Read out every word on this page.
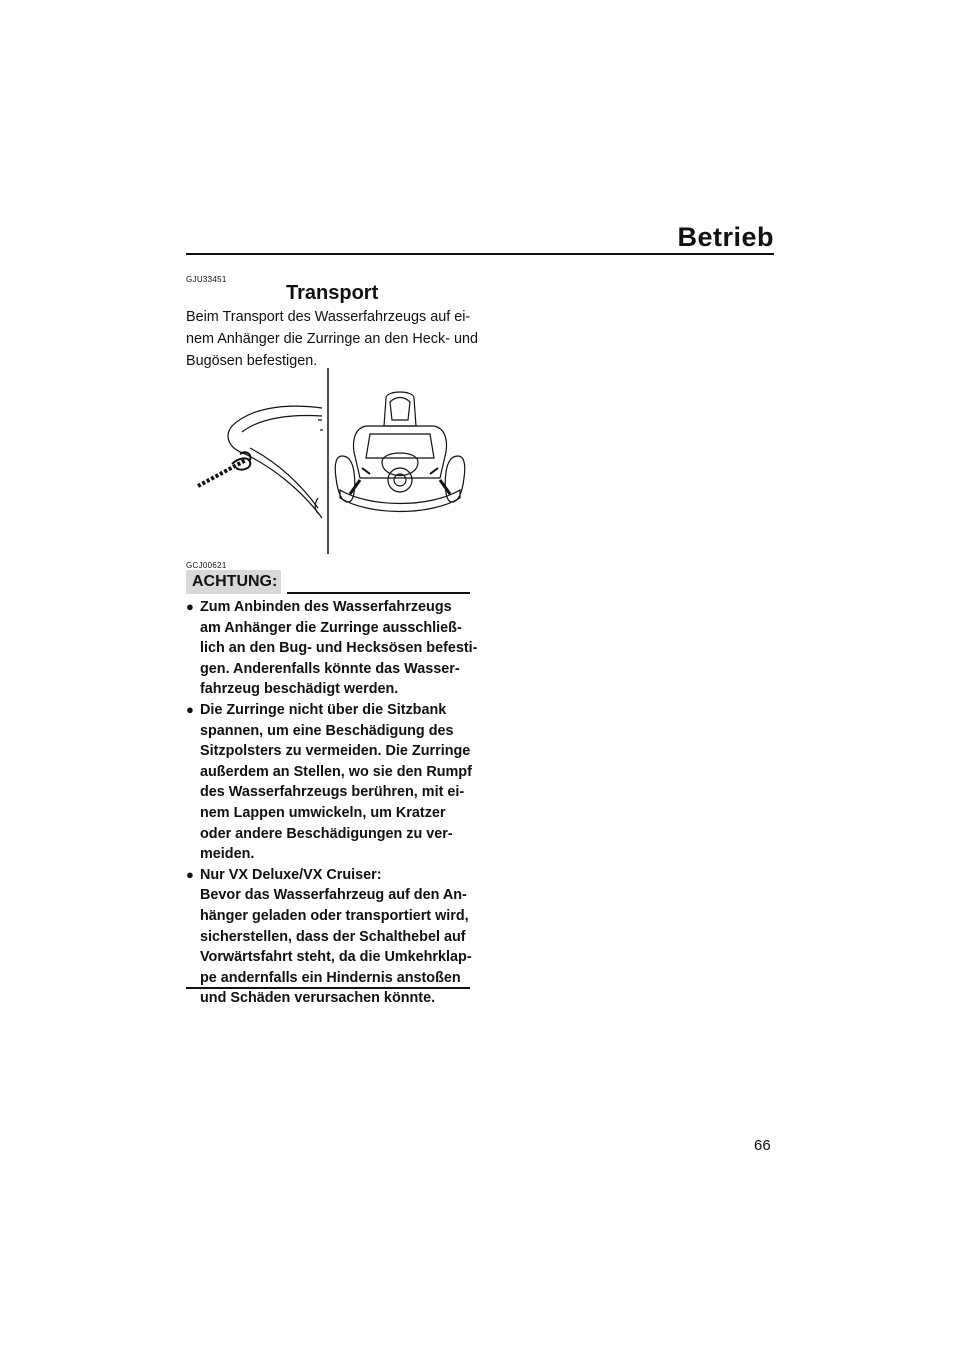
Betrieb
GJU33451
Transport
Beim Transport des Wasserfahrzeugs auf ei-
nem Anhänger die Zurringe an den Heck- und
Bugösen befestigen.
GCJ00621
ACHTUNG:
● Zum Anbinden des Wasserfahrzeugs
am Anhänger die Zurringe ausschließ-
lich an den Bug- und Hecksösen befesti-
gen. Anderenfalls könnte das Wasser-
fahrzeug beschädigt werden.
● Die Zurringe nicht über die Sitzbank
spannen, um eine Beschädigung des
Sitzpolsters zu vermeiden. Die Zurringe
außerdem an Stellen, wo sie den Rumpf
des Wasserfahrzeugs berühren, mit ei-
nem Lappen umwickeln, um Kratzer
oder andere Beschädigungen zu ver-
meiden.
● Nur VX Deluxe/VX Cruiser:
Bevor das Wasserfahrzeug auf den An-
hänger geladen oder transportiert wird,
sicherstellen, dass der Schalthebel auf
Vorwärtsfahrt steht, da die Umkehrklap-
pe andernfalls ein Hindernis anstoßen
und Schäden verursachen könnte.
66
